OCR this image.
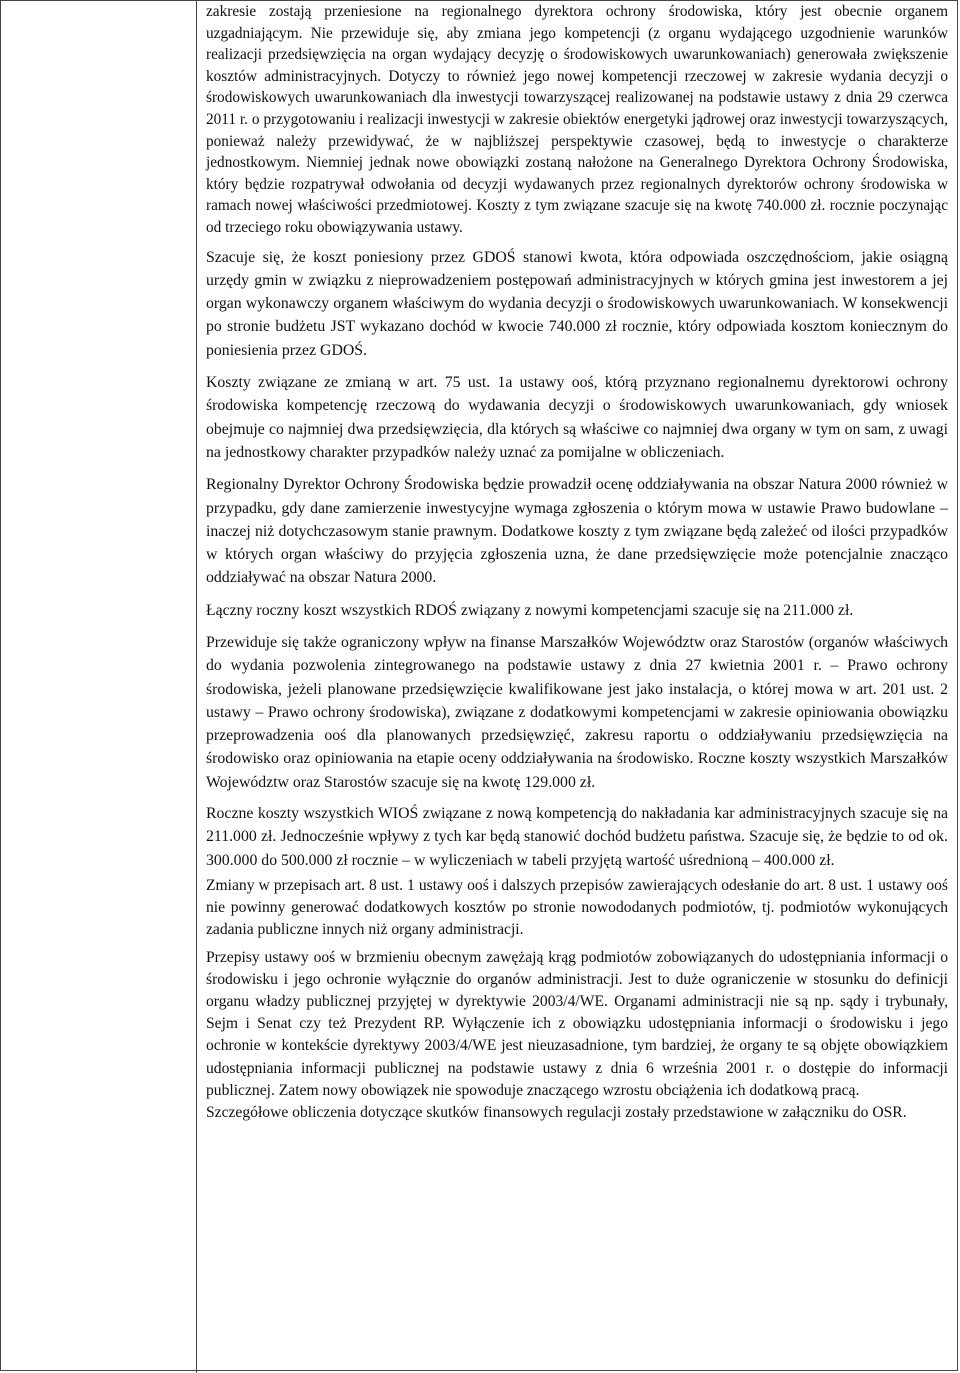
zakresie zostają przeniesione na regionalnego dyrektora ochrony środowiska, który jest obecnie organem uzgadniającym. Nie przewiduje się, aby zmiana jego kompetencji (z organu wydającego uzgodnienie warunków realizacji przedsięwzięcia na organ wydający decyzję o środowiskowych uwarunkowaniach) generowała zwiększenie kosztów administracyjnych. Dotyczy to również jego nowej kompetencji rzeczowej w zakresie wydania decyzji o środowiskowych uwarunkowaniach dla inwestycji towarzyszącej realizowanej na podstawie ustawy z dnia 29 czerwca 2011 r. o przygotowaniu i realizacji inwestycji w zakresie obiektów energetyki jądrowej oraz inwestycji towarzyszących, ponieważ należy przewidywać, że w najbliższej perspektywie czasowej, będą to inwestycje o charakterze jednostkowym. Niemniej jednak nowe obowiązki zostaną nałożone na Generalnego Dyrektora Ochrony Środowiska, który będzie rozpatrywał odwołania od decyzji wydawanych przez regionalnych dyrektorów ochrony środowiska w ramach nowej właściwości przedmiotowej. Koszty z tym związane szacuje się na kwotę 740.000 zł. rocznie poczynając od trzeciego roku obowiązywania ustawy.

Szacuje się, że koszt poniesiony przez GDOŚ stanowi kwota, która odpowiada oszczędnościom, jakie osiągną urzędy gmin w związku z nieprowadzeniem postępowań administracyjnych w których gmina jest inwestorem a jej organ wykonawczy organem właściwym do wydania decyzji o środowiskowych uwarunkowaniach. W konsekwencji po stronie budżetu JST wykazano dochód w kwocie 740.000 zł rocznie, który odpowiada kosztom koniecznym do poniesienia przez GDOŚ.

Koszty związane ze zmianą w art. 75 ust. 1a ustawy ooś, którą przyznano regionalnemu dyrektorowi ochrony środowiska kompetencję rzeczową do wydawania decyzji o środowiskowych uwarunkowaniach, gdy wniosek obejmuje co najmniej dwa przedsięwzięcia, dla których są właściwe co najmniej dwa organy w tym on sam, z uwagi na jednostkowy charakter przypadków należy uznać za pomijalne w obliczeniach.

Regionalny Dyrektor Ochrony Środowiska będzie prowadził ocenę oddziaływania na obszar Natura 2000 również w przypadku, gdy dane zamierzenie inwestycyjne wymaga zgłoszenia o którym mowa w ustawie Prawo budowlane – inaczej niż dotychczasowym stanie prawnym. Dodatkowe koszty z tym związane będą zależeć od ilości przypadków w których organ właściwy do przyjęcia zgłoszenia uzna, że dane przedsięwzięcie może potencjalnie znacząco oddziaływać na obszar Natura 2000.

Łączny roczny koszt wszystkich RDOŚ związany z nowymi kompetencjami szacuje się na 211.000 zł.

Przewiduje się także ograniczony wpływ na finanse Marszałków Województw oraz Starostów (organów właściwych do wydania pozwolenia zintegrowanego na podstawie ustawy z dnia 27 kwietnia 2001 r. – Prawo ochrony środowiska, jeżeli planowane przedsięwzięcie kwalifikowane jest jako instalacja, o której mowa w art. 201 ust. 2 ustawy – Prawo ochrony środowiska), związane z dodatkowymi kompetencjami w zakresie opiniowania obowiązku przeprowadzenia ooś dla planowanych przedsięwzięć, zakresu raportu o oddziaływaniu przedsięwzięcia na środowisko oraz opiniowania na etapie oceny oddziaływania na środowisko. Roczne koszty wszystkich Marszałków Województw oraz Starostów szacuje się na kwotę 129.000 zł.

Roczne koszty wszystkich WIOŚ związane z nową kompetencją do nakładania kar administracyjnych szacuje się na 211.000 zł. Jednocześnie wpływy z tych kar będą stanowić dochód budżetu państwa. Szacuje się, że będzie to od ok. 300.000 do 500.000 zł rocznie – w wyliczeniach w tabeli przyjętą wartość uśrednioną – 400.000 zł.

Zmiany w przepisach art. 8 ust. 1 ustawy ooś i dalszych przepisów zawierających odesłanie do art. 8 ust. 1 ustawy ooś nie powinny generować dodatkowych kosztów po stronie nowododanych podmiotów, tj. podmiotów wykonujących zadania publiczne innych niż organy administracji.

Przepisy ustawy ooś w brzmieniu obecnym zawężają krąg podmiotów zobowiązanych do udostępniania informacji o środowisku i jego ochronie wyłącznie do organów administracji. Jest to duże ograniczenie w stosunku do definicji organu władzy publicznej przyjętej w dyrektywie 2003/4/WE. Organami administracji nie są np. sądy i trybunały, Sejm i Senat czy też Prezydent RP. Wyłączenie ich z obowiązku udostępniania informacji o środowisku i jego ochronie w kontekście dyrektywy 2003/4/WE jest nieuzasadnione, tym bardziej, że organy te są objęte obowiązkiem udostępniania informacji publicznej na podstawie ustawy z dnia 6 września 2001 r. o dostępie do informacji publicznej. Zatem nowy obowiązek nie spowoduje znaczącego wzrostu obciążenia ich dodatkową pracą.

Szczegółowe obliczenia dotyczące skutków finansowych regulacji zostały przedstawione w załączniku do OSR.
